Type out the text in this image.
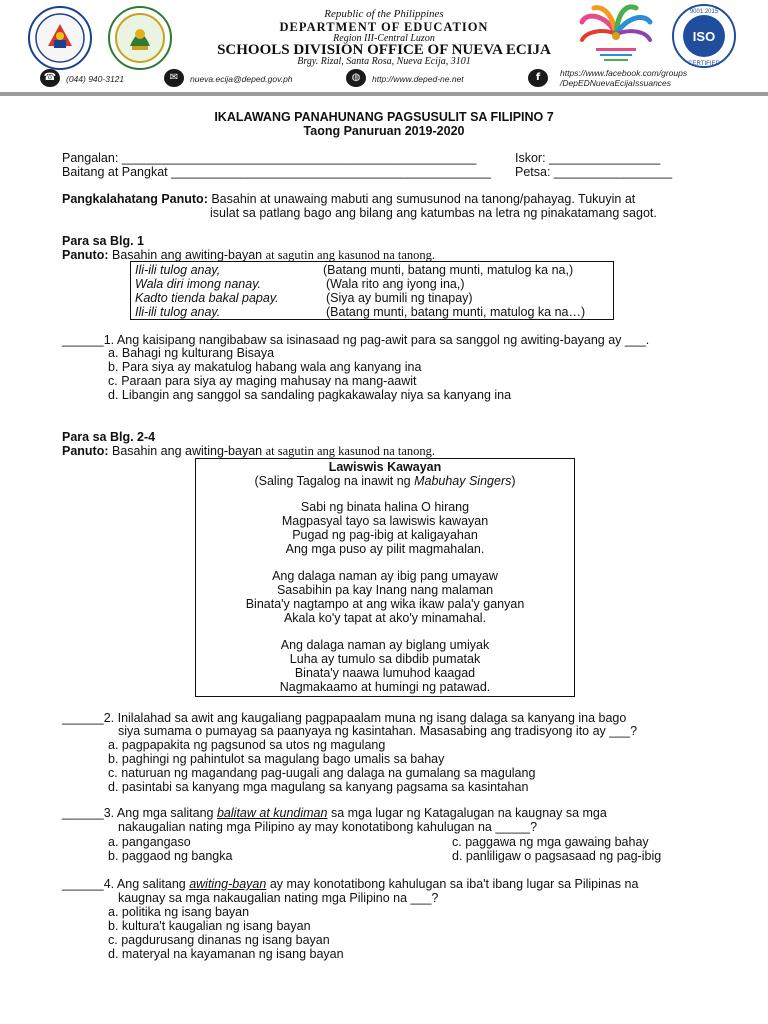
Republic of the Philippines
DEPARTMENT OF EDUCATION
Region III-Central Luzon
SCHOOLS DIVISION OFFICE OF NUEVA ECIJA
Brgy. Rizal, Santa Rosa, Nueva Ecija, 3101
☎	(044) 940-3121	✉	nueva.ecija@deped.gov.ph	◍	http://www.deped-ne.net	f	https://www.facebook.com/groups
/DepEDNuevaEcijaIssuances
ISO
9001:2015
CERTIFIED
IKALAWANG PANAHUNANG PAGSUSULIT SA FILIPINO 7
Taong Panuruan 2019-2020
Pangalan: ___________________________________________________
Baitang at Pangkat ______________________________________________
Iskor: ________________
Petsa: _________________
Pangkalahatang Panuto: Basahin at unawaing mabuti ang sumusunod na tanong/pahayag. Tukuyin at
isulat sa patlang bago ang bilang ang katumbas na letra ng pinakatamang sagot.
Para sa Blg. 1
Panuto: Basahin ang awiting-bayan at sagutin ang kasunod na tanong.
Ili-ili tulog anay,	(Batang munti, batang munti, matulog ka na,)
Wala diri imong nanay.	(Wala rito ang iyong ina,)
Kadto tienda bakal papay.	(Siya ay bumili ng tinapay)
Ili-ili tulog anay.	(Batang munti, batang munti, matulog ka na…)
______1. Ang kaisipang nangibabaw sa isinasaad ng pag-awit para sa sanggol ng awiting-bayang ay ___.
a. Bahagi ng kulturang Bisaya
b. Para siya ay makatulog habang wala ang kanyang ina
c. Paraan para siya ay maging mahusay na mang-aawit
d. Libangin ang sanggol sa sandaling pagkakawalay niya sa kanyang ina
Para sa Blg. 2-4
Panuto: Basahin ang awiting-bayan at sagutin ang kasunod na tanong.
Lawiswis Kawayan
(Saling Tagalog na inawit ng Mabuhay Singers)
Sabi ng binata halina O hirang
Magpasyal tayo sa lawiswis kawayan
Pugad ng pag-ibig at kaligayahan
Ang mga puso ay pilit magmahalan.
Ang dalaga naman ay ibig pang umayaw
Sasabihin pa kay Inang nang malaman
Binata'y nagtampo at ang wika ikaw pala'y ganyan
Akala ko'y tapat at ako'y minamahal.
Ang dalaga naman ay biglang umiyak
Luha ay tumulo sa dibdib pumatak
Binata'y naawa lumuhod kaagad
Nagmakaamo at humingi ng patawad.
______2. Inilalahad sa awit ang kaugaliang pagpapaalam muna ng isang dalaga sa kanyang ina bago
siya sumama o pumayag sa paanyaya ng kasintahan. Masasabing ang tradisyong ito ay ___?
a. pagpapakita ng pagsunod sa utos ng magulang
b. paghingi ng pahintulot sa magulang bago umalis sa bahay
c. naturuan ng magandang pag-uugali ang dalaga na gumalang sa magulang
d. pasintabi sa kanyang mga magulang sa kanyang pagsama sa kasintahan
______3. Ang mga salitang balitaw at kundiman sa mga lugar ng Katagalugan na kaugnay sa mga
nakaugalian nating mga Pilipino ay may konotatibong kahulugan na _____?
a. pangangaso
b. paggaod ng bangka
c. paggawa ng mga gawaing bahay
d. panliligaw o pagsasaad ng pag-ibig
______4. Ang salitang awiting-bayan ay may konotatibong kahulugan sa iba't ibang lugar sa Pilipinas na
kaugnay sa mga nakaugalian nating mga Pilipino na ___?
a. politika ng isang bayan
b. kultura't kaugalian ng isang bayan
c. pagdurusang dinanas ng isang bayan
d. materyal na kayamanan ng isang bayan
